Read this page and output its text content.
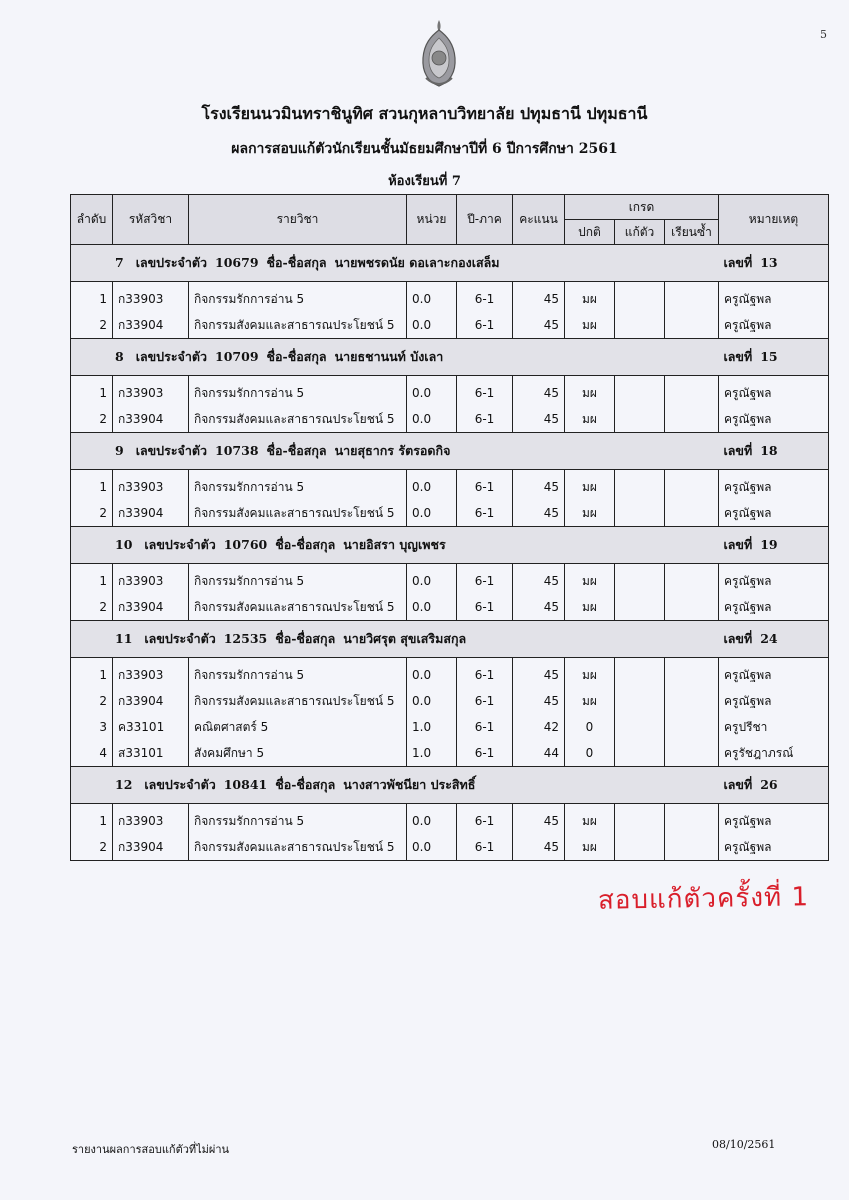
5
โรงเรียนนวมินทราชินูทิศ สวนกุหลาบวิทยาลัย ปทุมธานี ปทุมธานี
ผลการสอบแก้ตัวนักเรียนชั้นมัธยมศึกษาปีที่ 6 ปีการศึกษา 2561
ห้องเรียนที่ 7
ลำดับ	รหัสวิชา	รายวิชา	หน่วย	ปี-ภาค	คะแนน	เกรด			หมายเหตุ
						ปกติ	แก้ตัว	เรียนซ้ำ	
7 เลขประจำตัว 10679 ชื่อ-ชื่อสกุล นายพชรดนัย ดอเลาะกองเสล็ม									เลขที่ 13
1	ก33903	กิจกรรมรักการอ่าน 5	0.0	6-1	45	มผ			ครูณัฐพล
2	ก33904	กิจกรรมสังคมและสาธารณประโยชน์ 5	0.0	6-1	45	มผ			ครูณัฐพล
8 เลขประจำตัว 10709 ชื่อ-ชื่อสกุล นายธชานนท์ บังเลา									เลขที่ 15
1	ก33903	กิจกรรมรักการอ่าน 5	0.0	6-1	45	มผ			ครูณัฐพล
2	ก33904	กิจกรรมสังคมและสาธารณประโยชน์ 5	0.0	6-1	45	มผ			ครูณัฐพล
9 เลขประจำตัว 10738 ชื่อ-ชื่อสกุล นายสุธากร รัตรอดกิจ									เลขที่ 18
1	ก33903	กิจกรรมรักการอ่าน 5	0.0	6-1	45	มผ			ครูณัฐพล
2	ก33904	กิจกรรมสังคมและสาธารณประโยชน์ 5	0.0	6-1	45	มผ			ครูณัฐพล
10 เลขประจำตัว 10760 ชื่อ-ชื่อสกุล นายอิสรา บุญเพชร									เลขที่ 19
1	ก33903	กิจกรรมรักการอ่าน 5	0.0	6-1	45	มผ			ครูณัฐพล
2	ก33904	กิจกรรมสังคมและสาธารณประโยชน์ 5	0.0	6-1	45	มผ			ครูณัฐพล
11 เลขประจำตัว 12535 ชื่อ-ชื่อสกุล นายวิศรุต สุขเสริมสกุล									เลขที่ 24
1	ก33903	กิจกรรมรักการอ่าน 5	0.0	6-1	45	มผ			ครูณัฐพล
2	ก33904	กิจกรรมสังคมและสาธารณประโยชน์ 5	0.0	6-1	45	มผ			ครูณัฐพล
3	ค33101	คณิตศาสตร์ 5	1.0	6-1	42	0			ครูปรีชา
4	ส33101	สังคมศึกษา 5	1.0	6-1	44	0			ครูรัชฎาภรณ์
12 เลขประจำตัว 10841 ชื่อ-ชื่อสกุล นางสาวพัชนียา ประสิทธิ์									เลขที่ 26
1	ก33903	กิจกรรมรักการอ่าน 5	0.0	6-1	45	มผ			ครูณัฐพล
2	ก33904	กิจกรรมสังคมและสาธารณประโยชน์ 5	0.0	6-1	45	มผ			ครูณัฐพล
สอบแก้ตัวครั้งที่ 1
รายงานผลการสอบแก้ตัวที่ไม่ผ่าน	08/10/2561
